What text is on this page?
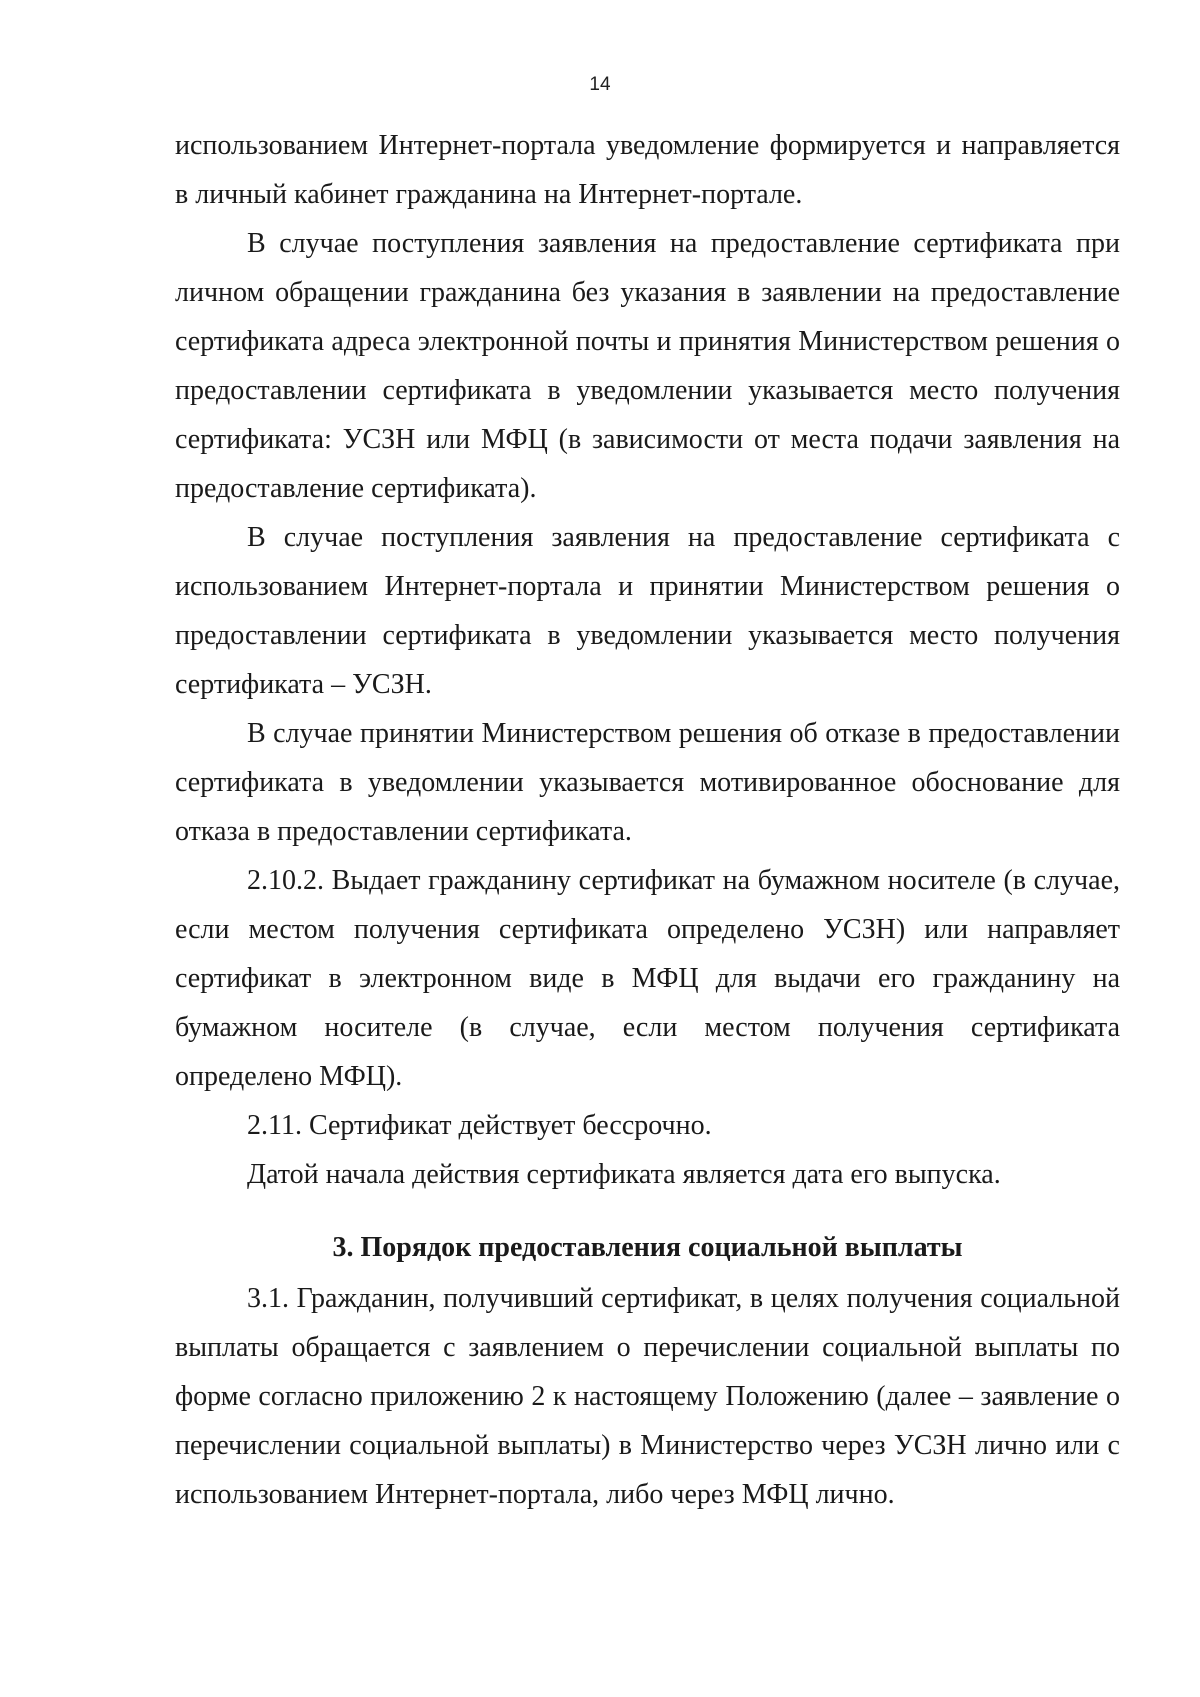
14

использованием Интернет-портала уведомление формируется и направляется в личный кабинет гражданина на Интернет-портале.

В случае поступления заявления на предоставление сертификата при личном обращении гражданина без указания в заявлении на предоставление сертификата адреса электронной почты и принятия Министерством решения о предоставлении сертификата в уведомлении указывается место получения сертификата: УСЗН или МФЦ (в зависимости от места подачи заявления на предоставление сертификата).

В случае поступления заявления на предоставление сертификата с использованием Интернет-портала и принятии Министерством решения о предоставлении сертификата в уведомлении указывается место получения сертификата – УСЗН.

В случае принятии Министерством решения об отказе в предоставлении сертификата в уведомлении указывается мотивированное обоснование для отказа в предоставлении сертификата.

2.10.2. Выдает гражданину сертификат на бумажном носителе (в случае, если местом получения сертификата определено УСЗН) или направляет сертификат в электронном виде в МФЦ для выдачи его гражданину на бумажном носителе (в случае, если местом получения сертификата определено МФЦ).

2.11. Сертификат действует бессрочно.

Датой начала действия сертификата является дата его выпуска.

3. Порядок предоставления социальной выплаты

3.1. Гражданин, получивший сертификат, в целях получения социальной выплаты обращается с заявлением о перечислении социальной выплаты по форме согласно приложению 2 к настоящему Положению (далее – заявление о перечислении социальной выплаты) в Министерство через УСЗН лично или с использованием Интернет-портала, либо через МФЦ лично.
